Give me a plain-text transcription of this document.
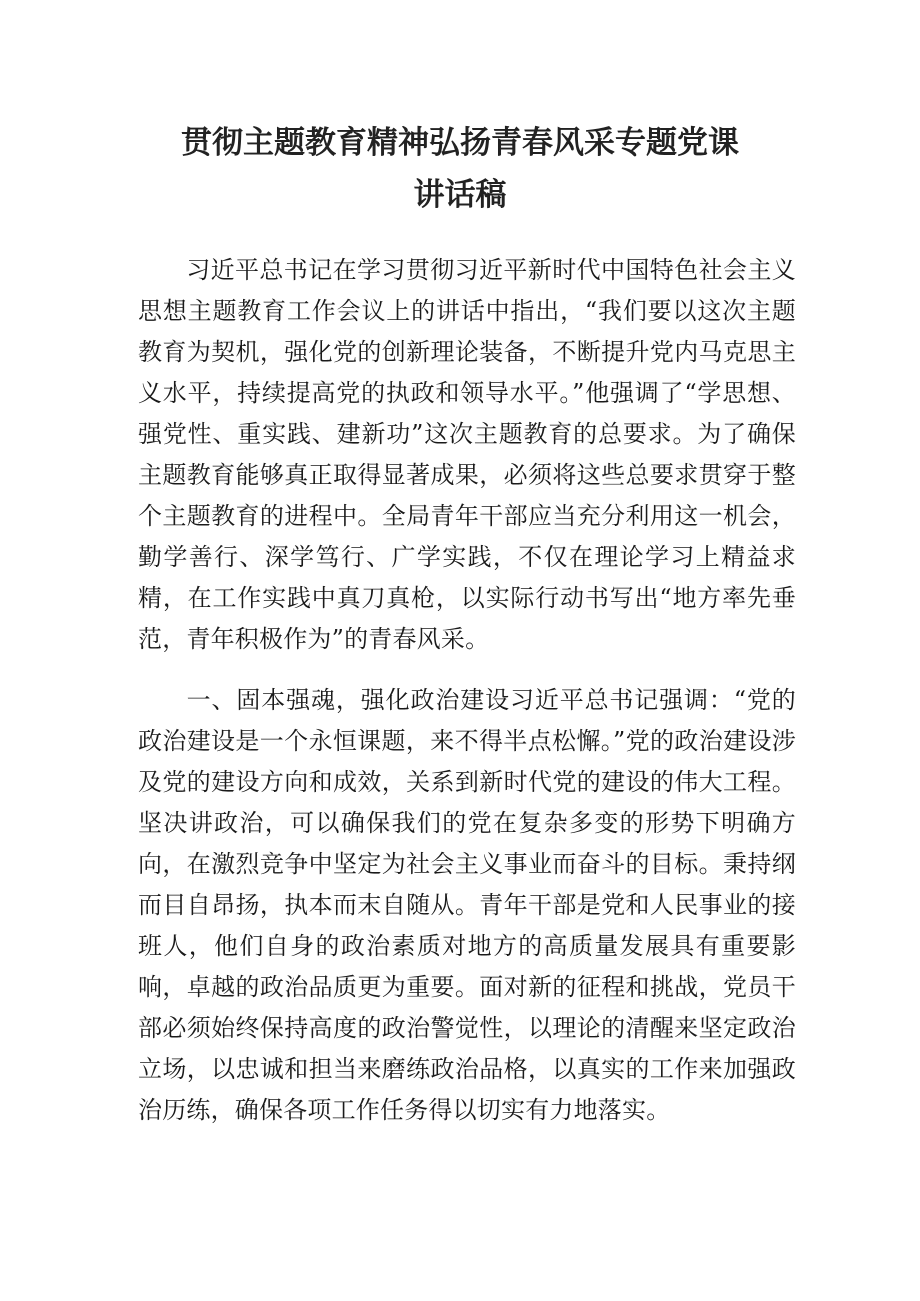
贯彻主题教育精神弘扬青春风采专题党课
讲话稿

习近平总书记在学习贯彻习近平新时代中国特色社会主义思想主题教育工作会议上的讲话中指出，“我们要以这次主题教育为契机，强化党的创新理论装备，不断提升党内马克思主义水平，持续提高党的执政和领导水平。”他强调了“学思想、强党性、重实践、建新功”这次主题教育的总要求。为了确保主题教育能够真正取得显著成果，必须将这些总要求贯穿于整个主题教育的进程中。全局青年干部应当充分利用这一机会，勤学善行、深学笃行、广学实践，不仅在理论学习上精益求精，在工作实践中真刀真枪，以实际行动书写出“地方率先垂范，青年积极作为”的青春风采。

一、固本强魂，强化政治建设习近平总书记强调：“党的政治建设是一个永恒课题，来不得半点松懈。”党的政治建设涉及党的建设方向和成效，关系到新时代党的建设的伟大工程。坚决讲政治，可以确保我们的党在复杂多变的形势下明确方向，在激烈竞争中坚定为社会主义事业而奋斗的目标。秉持纲而目自昂扬，执本而末自随从。青年干部是党和人民事业的接班人，他们自身的政治素质对地方的高质量发展具有重要影响，卓越的政治品质更为重要。面对新的征程和挑战，党员干部必须始终保持高度的政治警觉性，以理论的清醒来坚定政治立场，以忠诚和担当来磨练政治品格，以真实的工作来加强政治历练，确保各项工作任务得以切实有力地落实。
